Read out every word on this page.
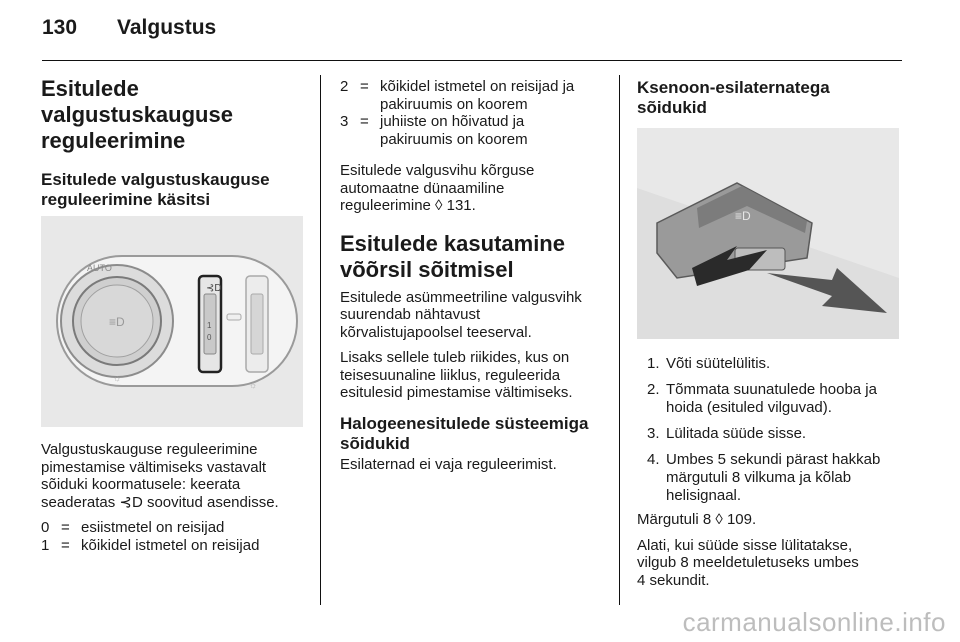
130 Valgustus
Esitulede
valgustuskauguse
reguleerimine
Esitulede valgustuskauguse
reguleerimine käsitsi
AUTO
≡D
⊰D
1
0
☼
☼
Valgustuskauguse reguleerimine
pimestamise vältimiseks vastavalt
sõiduki koormatusele: keerata
seaderatas ⊰D soovitud asendisse.
0	=	esiistmetel on reisijad
1	=	kõikidel istmetel on reisijad
2	=	kõikidel istmetel on reisijad ja
pakiruumis on koorem

3	=	juhiiste on hõivatud ja
pakiruumis on koorem
Esitulede valgusvihu kõrguse
automaatne dünaamiline
reguleerimine ◊ 131.
Esitulede kasutamine
võõrsil sõitmisel
Esitulede asümmeetriline valgusvihk
suurendab nähtavust
kõrvalistujapoolsel teeserval.
Lisaks sellele tuleb riikides, kus on
teisesuunaline liiklus, reguleerida
esitulesid pimestamise vältimiseks.
Halogeenesitulede süsteemiga
sõidukid
Esilaternad ei vaja reguleerimist.
Ksenoon-esilaternatega
sõidukid
≡D
1. Võti süütelülitis.
2. Tõmmata suunatulede hooba ja
hoida (esituled vilguvad).
3. Lülitada süüde sisse.
4. Umbes 5 sekundi pärast hakkab
märgutuli 8 vilkuma ja kõlab
helisignaal.
Märgutuli 8 ◊ 109.
Alati, kui süüde sisse lülitatakse,
vilgub 8 meeldetuletuseks umbes
4 sekundit.
carmanualsonline.info
